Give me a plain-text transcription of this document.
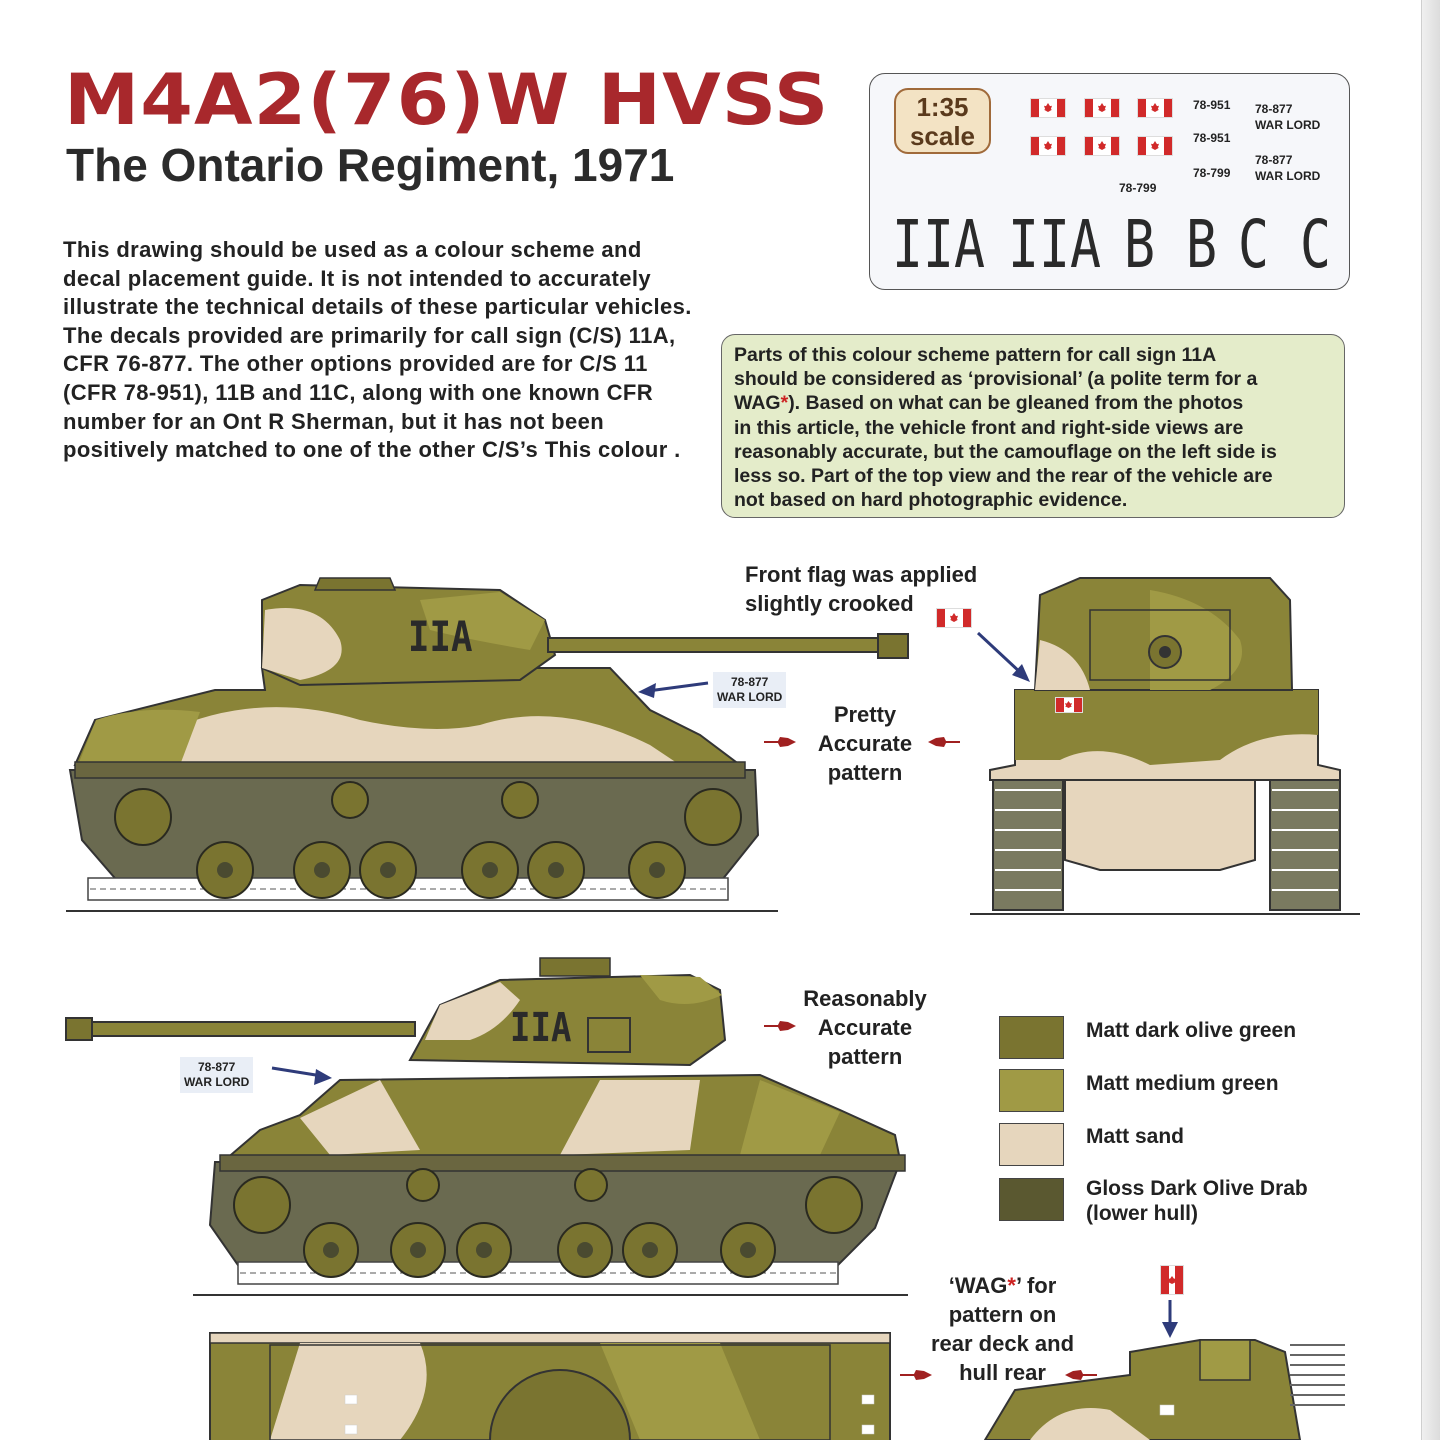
M4A2(76)W HVSS
The Ontario Regiment, 1971

This drawing should be used as a colour scheme and decal placement guide. It is not intended to accurately illustrate the technical details of these particular vehicles. The decals provided are primarily for call sign (C/S) 11A, CFR 76-877. The other options provided are for C/S 11 (CFR 78-951), 11B and 11C, along with one known CFR number for an Ont R Sherman, but it has not been positively matched to one of the other C/S’s This colour .

1:35
scale
78-951
78-951
78-799
78-799
78-877
WAR LORD
78-877
WAR LORD
IIA IIA B B C C

Parts of this colour scheme pattern for call sign 11A

should be considered as ‘provisional’ (a polite term for a

WAG*). Based on what can be gleaned from the photos

in this article, the vehicle front and right-side views are

reasonably accurate, but the camouflage on the left side is

less so. Part of the top view and the rear of the vehicle are

not based on hard photographic evidence.

IIA
78-877
WAR LORD
Front flag was applied
slightly crooked
Pretty
Accurate
pattern
IIA
78-877
WAR LORD
Reasonably
Accurate
pattern
Matt dark olive green
Matt medium green
Matt sand
Gloss Dark Olive Drab
(lower hull)
‘WAG*’ for
pattern on
rear deck and
hull rear
